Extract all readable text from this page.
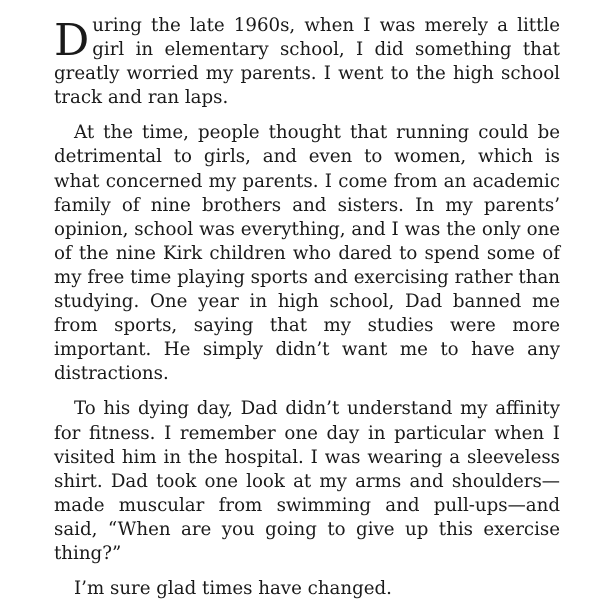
During the late 1960s, when I was merely a little girl in elementary school, I did something that greatly worried my parents. I went to the high school track and ran laps.

At the time, people thought that running could be detrimental to girls, and even to women, which is what concerned my parents. I come from an academic family of nine brothers and sisters. In my parents’ opinion, school was everything, and I was the only one of the nine Kirk children who dared to spend some of my free time playing sports and exercising rather than studying. One year in high school, Dad banned me from sports, saying that my studies were more important. He simply didn’t want me to have any distractions.

To his dying day, Dad didn’t understand my affinity for fitness. I remember one day in particular when I visited him in the hospital. I was wearing a sleeveless shirt. Dad took one look at my arms and shoulders—made muscular from swimming and pull-ups—and said, “When are you going to give up this exercise thing?”

I’m sure glad times have changed.
